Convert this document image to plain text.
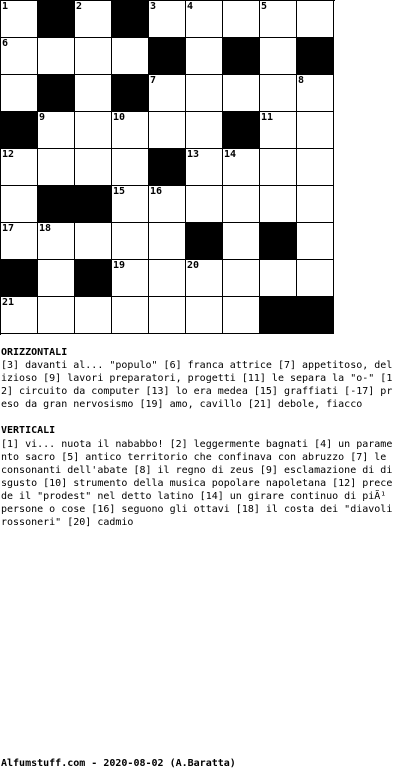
1	2	3	4	5
6
7	8
9	10	11
12	13 14
15 16
17 18
19	20
21
ORIZZONTALI
[3] davanti al... "populo" [6] franca attrice [7] appetitoso, delizioso [9] lavori preparatori, progetti [11] le separa la "o-" [12] circuito da computer [13] lo era medea [15] graffiati [-17] preso da gran nervosismo [19] amo, cavillo [21] debole, fiacco
VERTICALI
[1] vi... nuota il nababbo! [2] leggermente bagnati [4] un paramento sacro [5] antico territorio che confinava con abruzzo [7] le consonanti dell'abate [8] il regno di zeus [9] esclamazione di disgusto [10] strumento della musica popolare napoletana [12] precede il "prodest" nel detto latino [14] un girare continuo di piÃ¹ persone o cose [16] seguono gli ottavi [18] il costa dei "diavoli rossoneri" [20] cadmio
Alfumstuff.com - 2020-08-02 (A.Baratta)
